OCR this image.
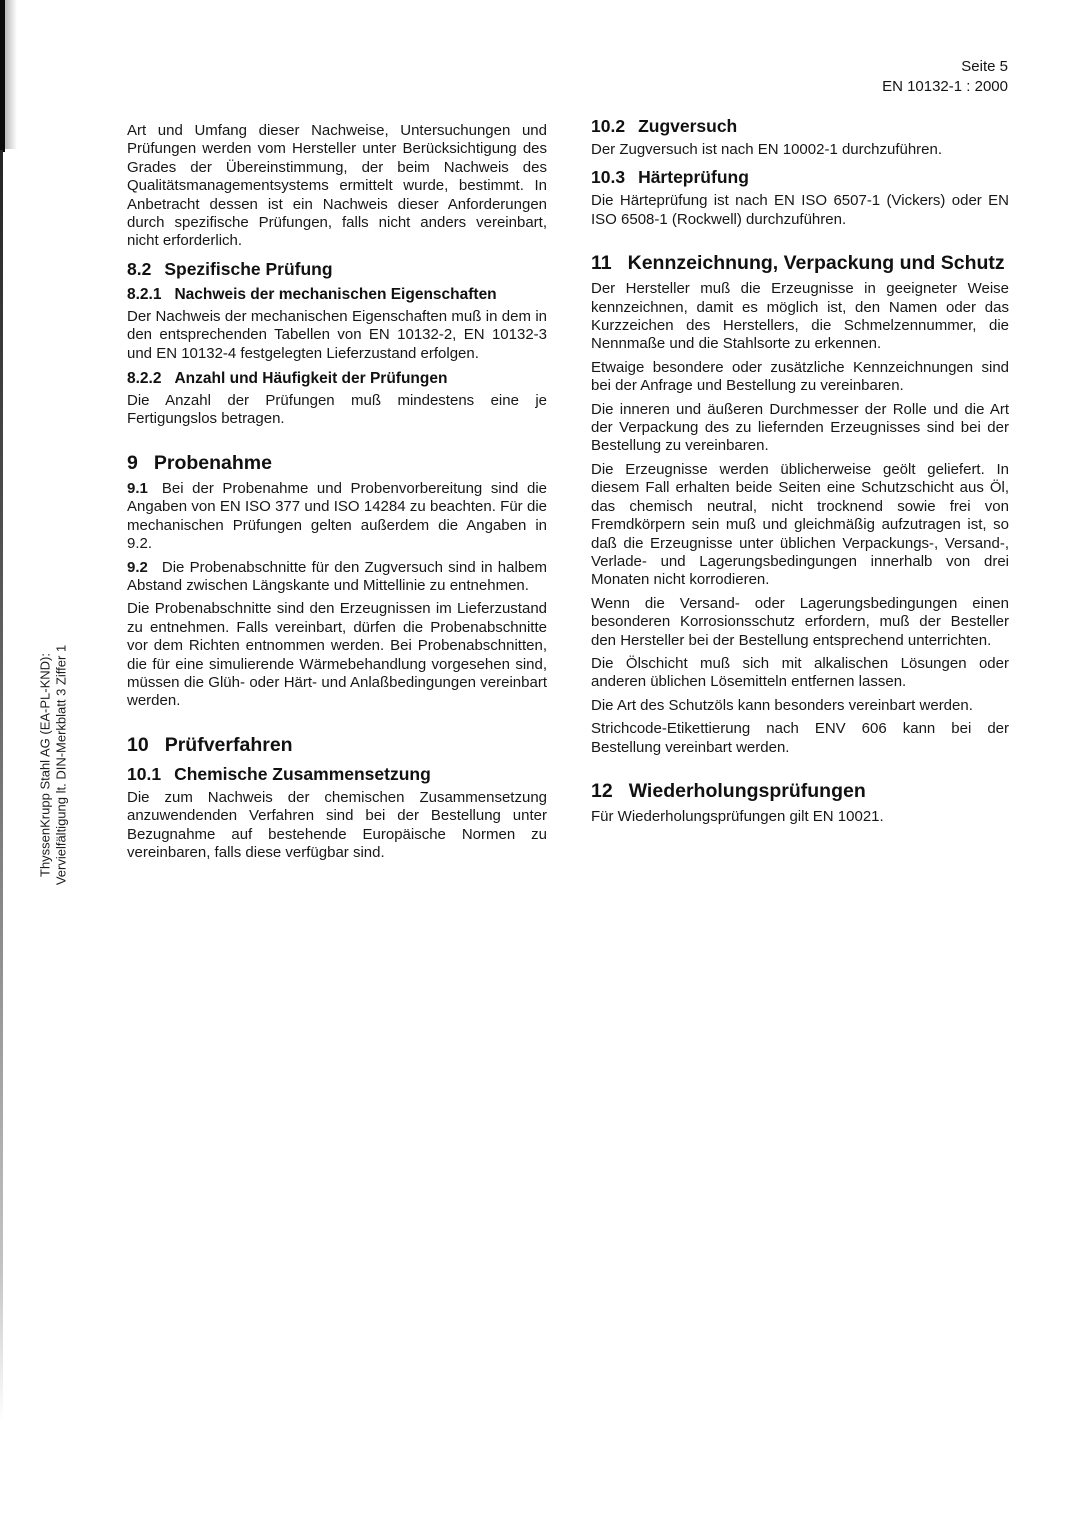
Seite 5
EN 10132-1 : 2000
ThyssenKrupp Stahl AG (EA-PL-KND): Vervielfältigung lt. DIN-Merkblatt 3 Ziffer 1

Art und Umfang dieser Nachweise, Untersuchungen und Prüfungen werden vom Hersteller unter Berücksichtigung des Grades der Übereinstimmung, der beim Nachweis des Qualitätsmanagementsystems ermittelt wurde, bestimmt. In Anbetracht dessen ist ein Nachweis dieser Anforderungen durch spezifische Prüfungen, falls nicht anders vereinbart, nicht erforderlich.

8.2 Spezifische Prüfung
8.2.1 Nachweis der mechanischen Eigenschaften

Der Nachweis der mechanischen Eigenschaften muß in dem in den entsprechenden Tabellen von EN 10132-2, EN 10132-3 und EN 10132-4 festgelegten Lieferzustand erfolgen.

8.2.2 Anzahl und Häufigkeit der Prüfungen

Die Anzahl der Prüfungen muß mindestens eine je Fertigungslos betragen.

9 Probenahme

9.1 Bei der Probenahme und Probenvorbereitung sind die Angaben von EN ISO 377 und ISO 14284 zu beachten. Für die mechanischen Prüfungen gelten außerdem die Angaben in 9.2.

9.2 Die Probenabschnitte für den Zugversuch sind in halbem Abstand zwischen Längskante und Mittellinie zu entnehmen.

Die Probenabschnitte sind den Erzeugnissen im Lieferzustand zu entnehmen. Falls vereinbart, dürfen die Probenabschnitte vor dem Richten entnommen werden. Bei Probenabschnitten, die für eine simulierende Wärmebehandlung vorgesehen sind, müssen die Glüh- oder Härt- und Anlaßbedingungen vereinbart werden.

10 Prüfverfahren
10.1 Chemische Zusammensetzung

Die zum Nachweis der chemischen Zusammensetzung anzuwendenden Verfahren sind bei der Bestellung unter Bezugnahme auf bestehende Europäische Normen zu vereinbaren, falls diese verfügbar sind.

10.2 Zugversuch

Der Zugversuch ist nach EN 10002-1 durchzuführen.

10.3 Härteprüfung

Die Härteprüfung ist nach EN ISO 6507-1 (Vickers) oder EN ISO 6508-1 (Rockwell) durchzuführen.

11 Kennzeichnung, Verpackung und Schutz

Der Hersteller muß die Erzeugnisse in geeigneter Weise kennzeichnen, damit es möglich ist, den Namen oder das Kurzzeichen des Herstellers, die Schmelzennummer, die Nennmaße und die Stahlsorte zu erkennen.

Etwaige besondere oder zusätzliche Kennzeichnungen sind bei der Anfrage und Bestellung zu vereinbaren.

Die inneren und äußeren Durchmesser der Rolle und die Art der Verpackung des zu liefernden Erzeugnisses sind bei der Bestellung zu vereinbaren.

Die Erzeugnisse werden üblicherweise geölt geliefert. In diesem Fall erhalten beide Seiten eine Schutzschicht aus Öl, das chemisch neutral, nicht trocknend sowie frei von Fremdkörpern sein muß und gleichmäßig aufzutragen ist, so daß die Erzeugnisse unter üblichen Verpackungs-, Versand-, Verlade- und Lagerungsbedingungen innerhalb von drei Monaten nicht korrodieren.

Wenn die Versand- oder Lagerungsbedingungen einen besonderen Korrosionsschutz erfordern, muß der Besteller den Hersteller bei der Bestellung entsprechend unterrichten.

Die Ölschicht muß sich mit alkalischen Lösungen oder anderen üblichen Lösemitteln entfernen lassen.

Die Art des Schutzöls kann besonders vereinbart werden.

Strichcode-Etikettierung nach ENV 606 kann bei der Bestellung vereinbart werden.

12 Wiederholungsprüfungen

Für Wiederholungsprüfungen gilt EN 10021.
